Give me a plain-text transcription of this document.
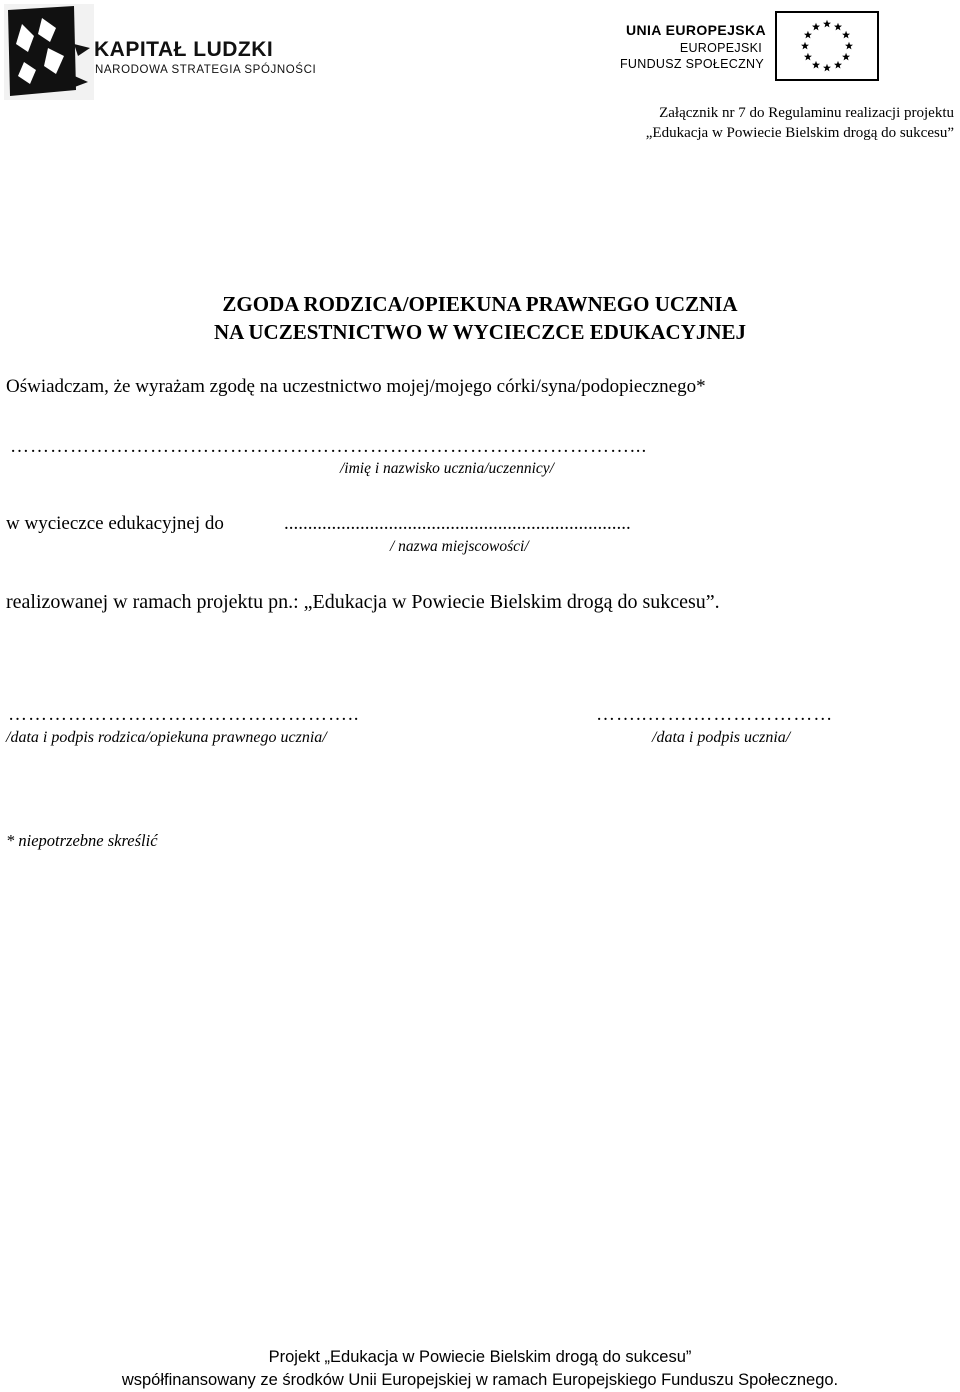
KAPITAŁ LUDZKI
NARODOWA STRATEGIA SPÓJNOŚCI
UNIA EUROPEJSKA
EUROPEJSKI
FUNDUSZ SPOŁECZNY
Załącznik nr 7 do Regulaminu realizacji projektu
„Edukacja w Powiecie Bielskim drogą do sukcesu”
ZGODA RODZICA/OPIEKUNA PRAWNEGO UCZNIA
NA UCZESTNICTWO W WYCIECZCE EDUKACYJNEJ
Oświadczam, że wyrażam zgodę na uczestnictwo mojej/mojego córki/syna/podopiecznego*
…………………………………………………………………………………...
/imię i nazwisko ucznia/uczennicy/
w wycieczce edukacyjnej do	.........................................................................
/ nazwa miejscowości/
realizowanej w ramach projektu pn.: „Edukacja w Powiecie Bielskim drogą do sukcesu”.
……………………………………………..
/data i podpis rodzica/opiekuna prawnego ucznia/
……..…….…………………
/data i podpis ucznia/
* niepotrzebne skreślić
Projekt „Edukacja w Powiecie Bielskim drogą do sukcesu”
współfinansowany ze środków Unii Europejskiej w ramach Europejskiego Funduszu Społecznego.
